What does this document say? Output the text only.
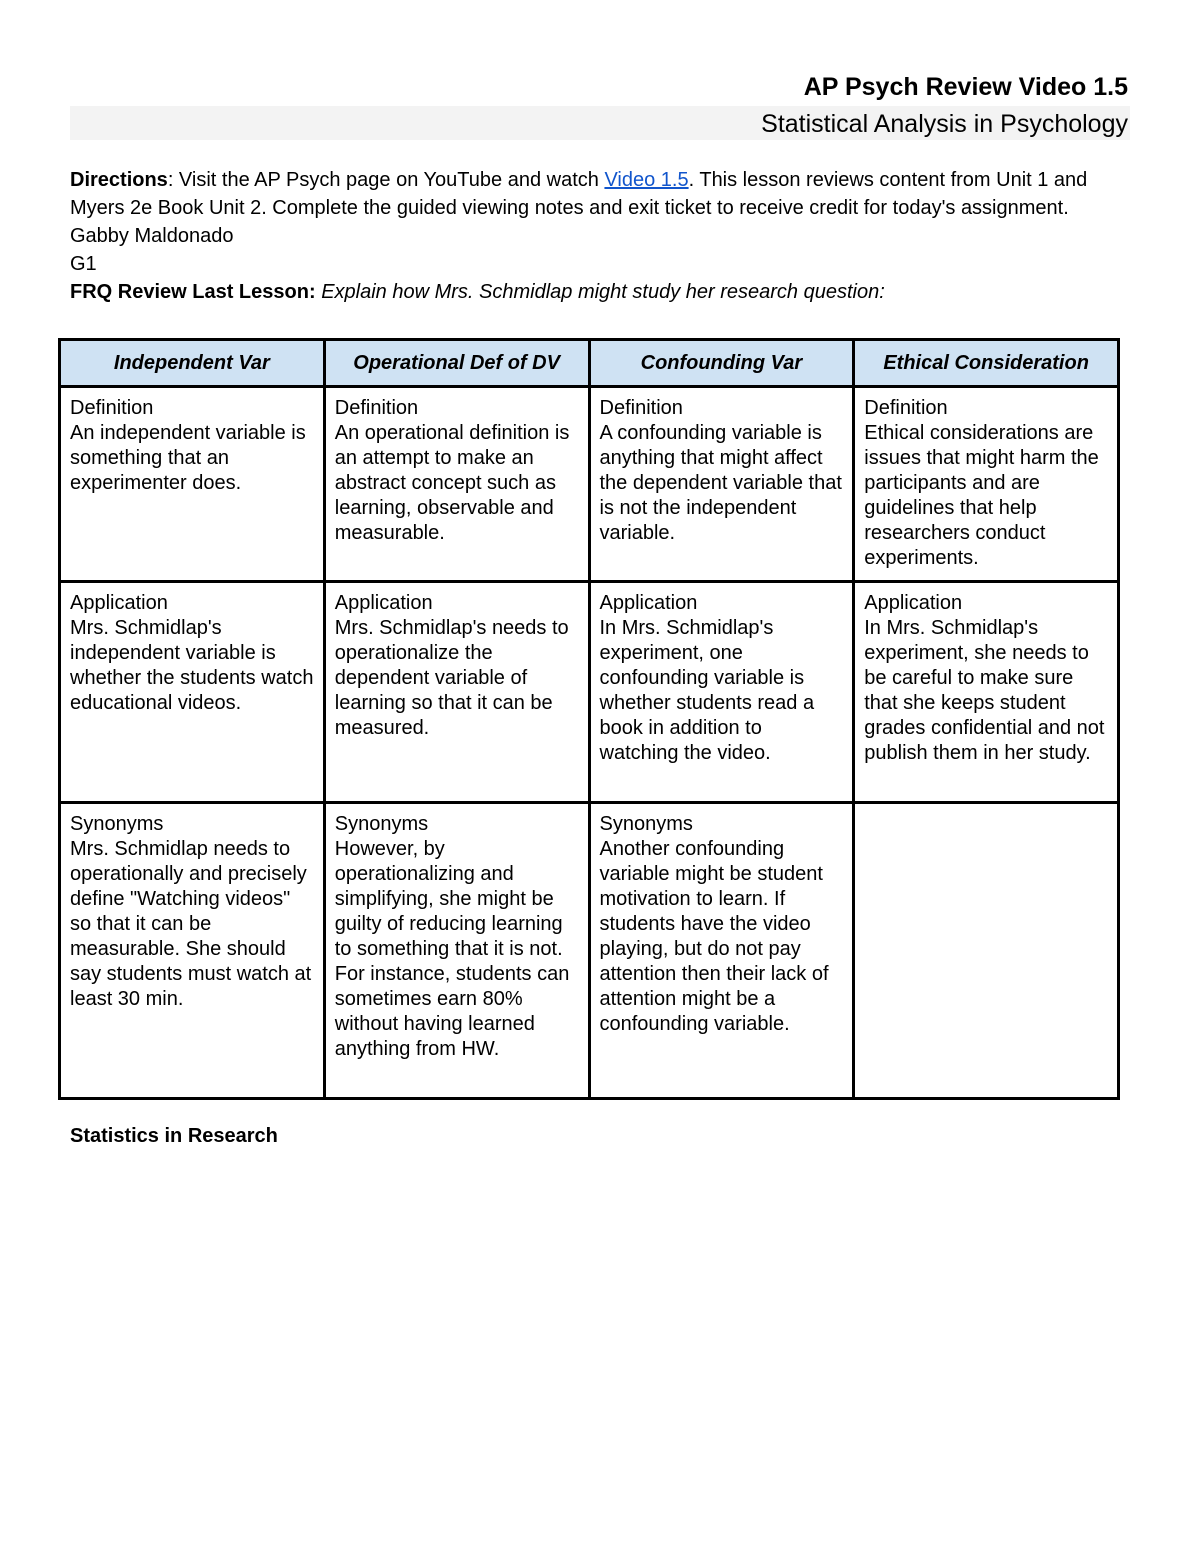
AP Psych Review Video 1.5
Statistical Analysis in Psychology

Directions: Visit the AP Psych page on YouTube and watch Video 1.5. This lesson reviews content from Unit 1 and Myers 2e Book Unit 2. Complete the guided viewing notes and exit ticket to receive credit for today's assignment.

Gabby Maldonado

G1

FRQ Review Last Lesson: Explain how Mrs. Schmidlap might study her research question:

Independent Var	Operational Def of DV	Confounding Var	Ethical Consideration

Definition
An independent variable is something that an experimenter does.	Definition
An operational definition is an attempt to make an abstract concept such as learning, observable and measurable.	Definition
A confounding variable is anything that might affect the dependent variable that is not the independent variable.	Definition
Ethical considerations are issues that might harm the participants and are guidelines that help researchers conduct experiments.

Application
Mrs. Schmidlap's independent variable is whether the students watch educational videos.	Application
Mrs. Schmidlap's needs to operationalize the dependent variable of learning so that it can be measured.	Application
In Mrs. Schmidlap's experiment, one confounding variable is whether students read a book in addition to watching the video.	Application
In Mrs. Schmidlap's experiment, she needs to be careful to make sure that she keeps student grades confidential and not publish them in her study.

Synonyms
Mrs. Schmidlap needs to operationally and precisely define "Watching videos" so that it can be measurable. She should say students must watch at least 30 min.	Synonyms
However, by operationalizing and simplifying, she might be guilty of reducing learning to something that it is not. For instance, students can sometimes earn 80% without having learned anything from HW.	Synonyms
Another confounding variable might be student motivation to learn. If students have the video playing, but do not pay attention then their lack of attention might be a confounding variable.	

Statistics in Research
